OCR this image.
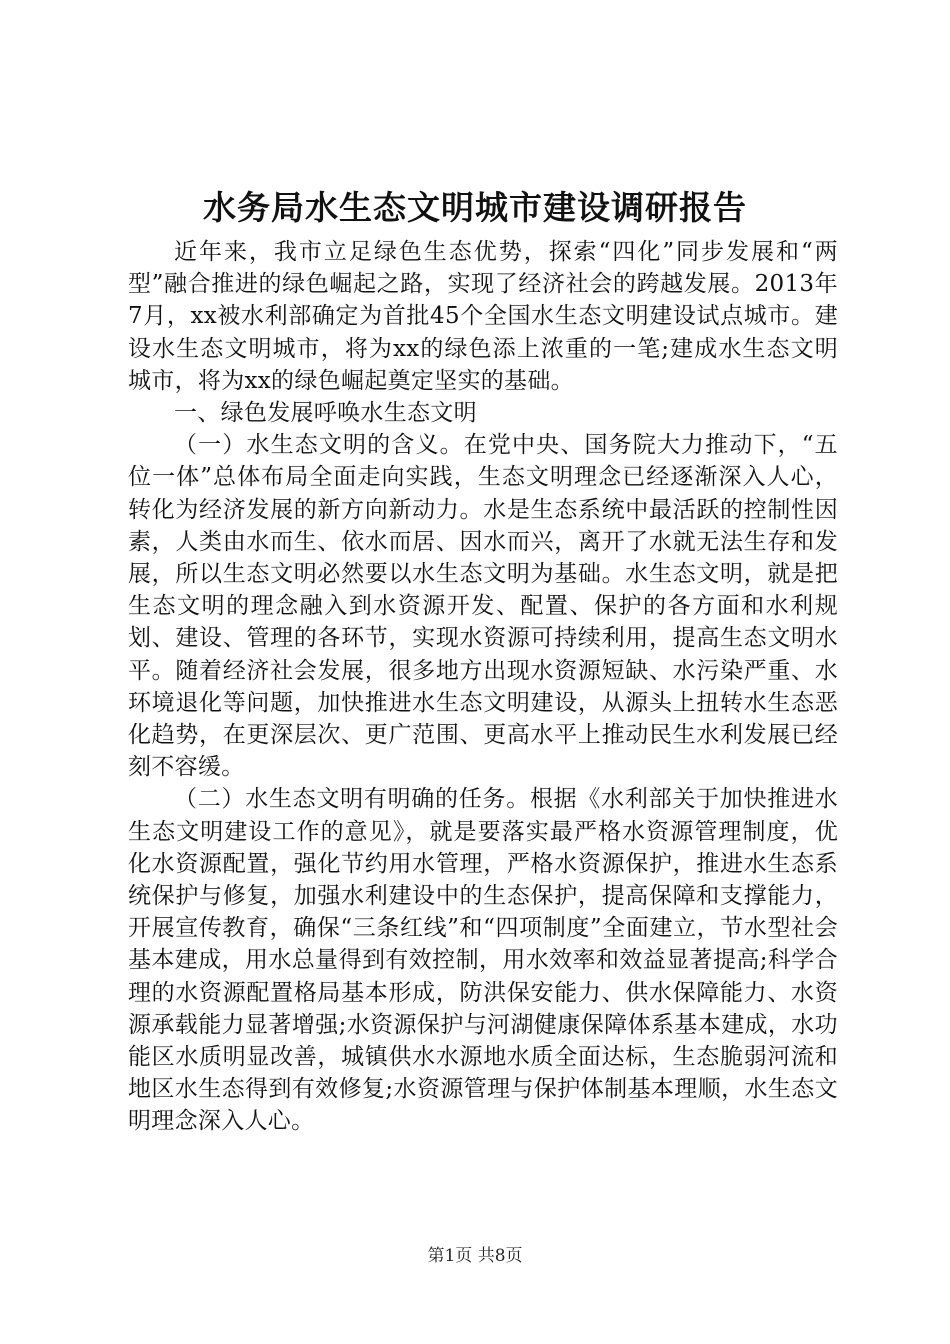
水务局水生态文明城市建设调研报告

近年来，我市立足绿色生态优势，探索“四化”同步发展和“两型”融合推进的绿色崛起之路，实现了经济社会的跨越发展。2013年7月，xx被水利部确定为首批45个全国水生态文明建设试点城市。建设水生态文明城市，将为xx的绿色添上浓重的一笔;建成水生态文明城市，将为xx的绿色崛起奠定坚实的基础。

一、绿色发展呼唤水生态文明

（一）水生态文明的含义。在党中央、国务院大力推动下，“五位一体”总体布局全面走向实践，生态文明理念已经逐渐深入人心，转化为经济发展的新方向新动力。水是生态系统中最活跃的控制性因素，人类由水而生、依水而居、因水而兴，离开了水就无法生存和发展，所以生态文明必然要以水生态文明为基础。水生态文明，就是把生态文明的理念融入到水资源开发、配置、保护的各方面和水利规划、建设、管理的各环节，实现水资源可持续利用，提高生态文明水平。随着经济社会发展，很多地方出现水资源短缺、水污染严重、水环境退化等问题，加快推进水生态文明建设，从源头上扭转水生态恶化趋势，在更深层次、更广范围、更高水平上推动民生水利发展已经刻不容缓。

（二）水生态文明有明确的任务。根据《水利部关于加快推进水生态文明建设工作的意见》，就是要落实最严格水资源管理制度，优化水资源配置，强化节约用水管理，严格水资源保护，推进水生态系统保护与修复，加强水利建设中的生态保护，提高保障和支撑能力，开展宣传教育，确保“三条红线”和“四项制度”全面建立，节水型社会基本建成，用水总量得到有效控制，用水效率和效益显著提高;科学合理的水资源配置格局基本形成，防洪保安能力、供水保障能力、水资源承载能力显著增强;水资源保护与河湖健康保障体系基本建成，水功能区水质明显改善，城镇供水水源地水质全面达标，生态脆弱河流和地区水生态得到有效修复;水资源管理与保护体制基本理顺，水生态文明理念深入人心。

第1页 共8页
